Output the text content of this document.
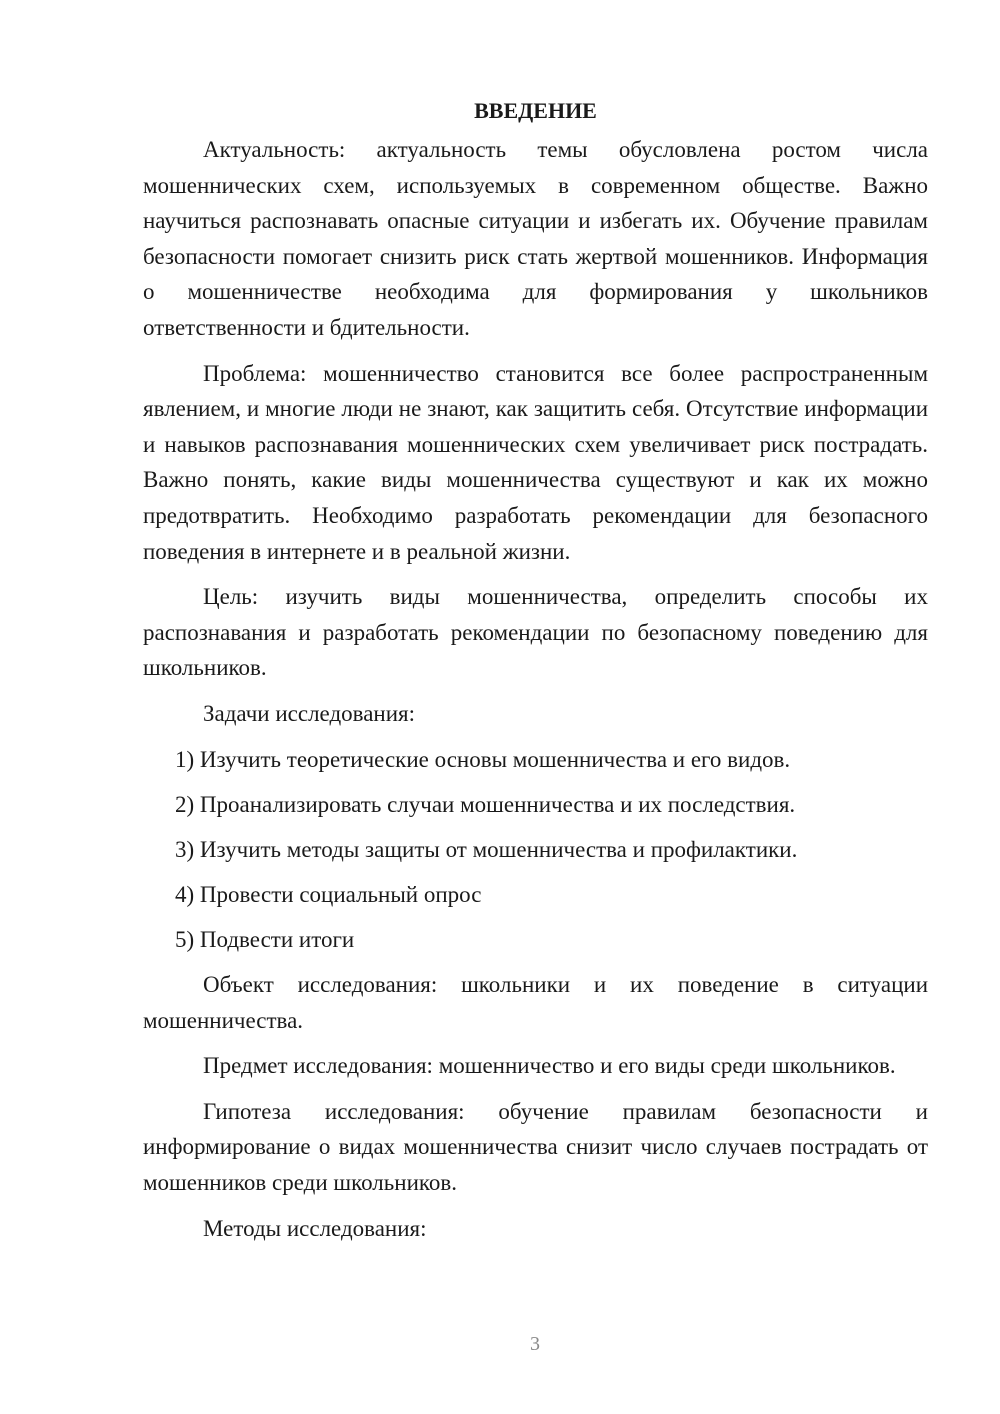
ВВЕДЕНИЕ

Актуальность: актуальность темы обусловлена ростом числа мошеннических схем, используемых в современном обществе. Важно научиться распознавать опасные ситуации и избегать их. Обучение правилам безопасности помогает снизить риск стать жертвой мошенников. Информация о мошенничестве необходима для формирования у школьников ответственности и бдительности.

Проблема: мошенничество становится все более распространенным явлением, и многие люди не знают, как защитить себя. Отсутствие информации и навыков распознавания мошеннических схем увеличивает риск пострадать. Важно понять, какие виды мошенничества существуют и как их можно предотвратить. Необходимо разработать рекомендации для безопасного поведения в интернете и в реальной жизни.

Цель: изучить виды мошенничества, определить способы их распознавания и разработать рекомендации по безопасному поведению для школьников.

Задачи исследования:

1) Изучить теоретические основы мошенничества и его видов.

2) Проанализировать случаи мошенничества и их последствия.

3) Изучить методы защиты от мошенничества и профилактики.

4) Провести социальный опрос

5) Подвести итоги

Объект исследования: школьники и их поведение в ситуации мошенничества.

Предмет исследования: мошенничество и его виды среди школьников.

Гипотеза исследования: обучение правилам безопасности и информирование о видах мошенничества снизит число случаев пострадать от мошенников среди школьников.

Методы исследования:

3
